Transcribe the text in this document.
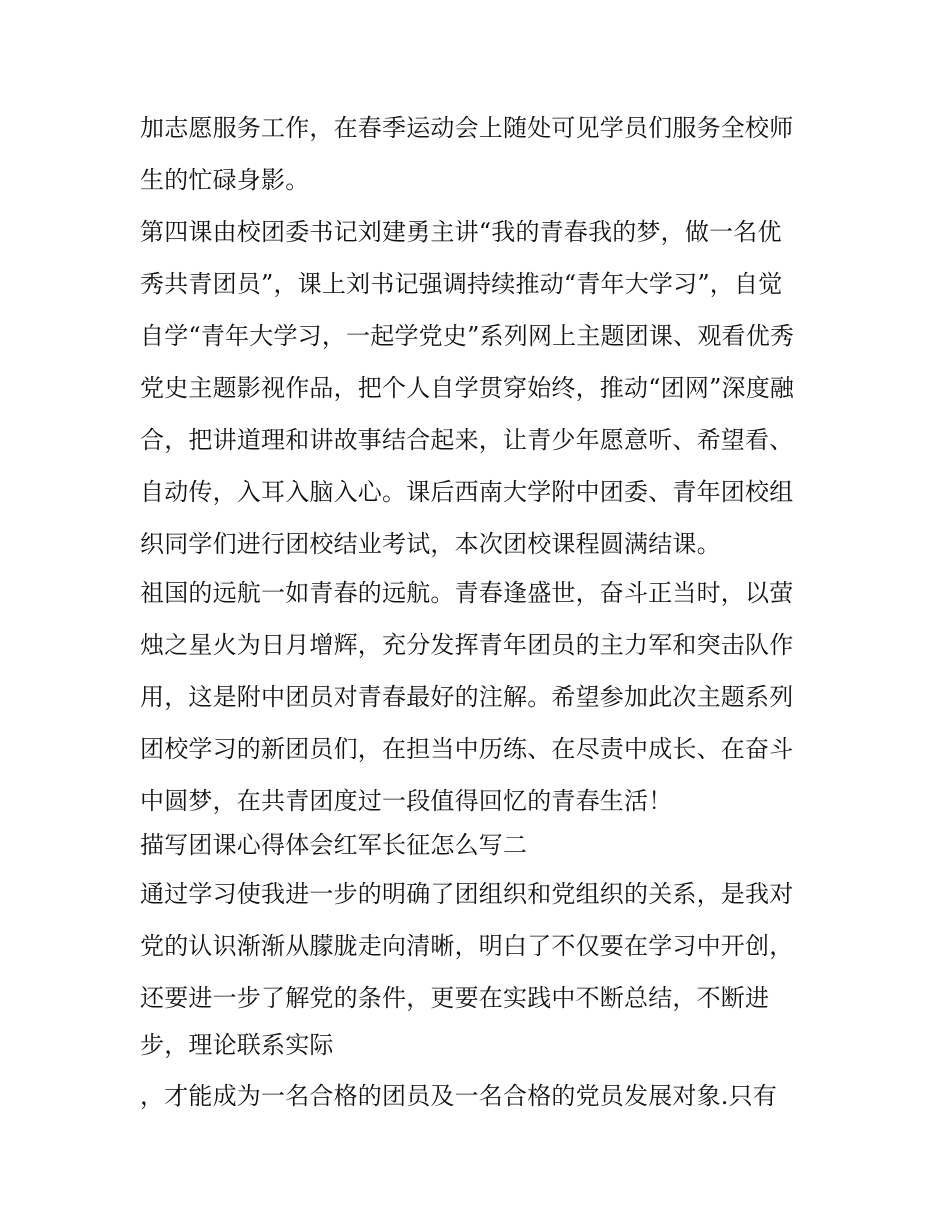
加志愿服务工作，在春季运动会上随处可见学员们服务全校师
生的忙碌身影。
第四课由校团委书记刘建勇主讲“我的青春我的梦，做一名优
秀共青团员”，课上刘书记强调持续推动“青年大学习”，自觉
自学“青年大学习，一起学党史”系列网上主题团课、观看优秀
党史主题影视作品，把个人自学贯穿始终，推动“团网”深度融
合，把讲道理和讲故事结合起来，让青少年愿意听、希望看、
自动传，入耳入脑入心。课后西南大学附中团委、青年团校组
织同学们进行团校结业考试，本次团校课程圆满结课。
祖国的远航一如青春的远航。青春逢盛世，奋斗正当时，以萤
烛之星火为日月增辉，充分发挥青年团员的主力军和突击队作
用，这是附中团员对青春最好的注解。希望参加此次主题系列
团校学习的新团员们，在担当中历练、在尽责中成长、在奋斗
中圆梦，在共青团度过一段值得回忆的青春生活！
描写团课心得体会红军长征怎么写二
通过学习使我进一步的明确了团组织和党组织的关系，是我对
党的认识渐渐从朦胧走向清晰，明白了不仅要在学习中开创，
还要进一步了解党的条件，更要在实践中不断总结，不断进
步，理论联系实际
，才能成为一名合格的团员及一名合格的党员发展对象.只有
